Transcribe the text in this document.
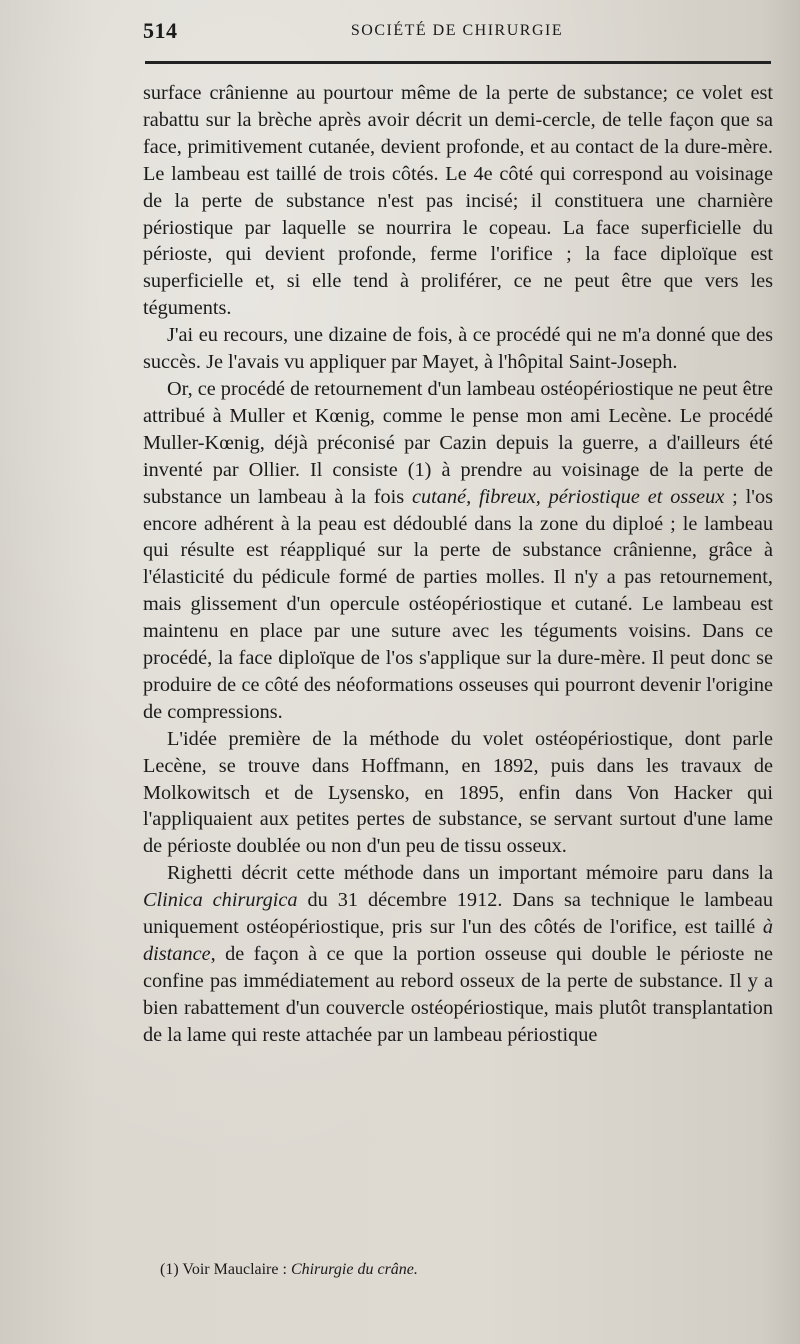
514	SOCIÉTÉ DE CHIRURGIE

surface crânienne au pourtour même de la perte de substance; ce volet est rabattu sur la brèche après avoir décrit un demi-cercle, de telle façon que sa face, primitivement cutanée, devient profonde, et au contact de la dure-mère. Le lambeau est taillé de trois côtés. Le 4e côté qui correspond au voisinage de la perte de substance n'est pas incisé; il constituera une charnière périostique par laquelle se nourrira le copeau. La face superficielle du périoste, qui devient profonde, ferme l'orifice ; la face diploïque est superficielle et, si elle tend à proliférer, ce ne peut être que vers les téguments.

J'ai eu recours, une dizaine de fois, à ce procédé qui ne m'a donné que des succès. Je l'avais vu appliquer par Mayet, à l'hôpital Saint-Joseph.

Or, ce procédé de retournement d'un lambeau ostéopériostique ne peut être attribué à Muller et Kœnig, comme le pense mon ami Lecène. Le procédé Muller-Kœnig, déjà préconisé par Cazin depuis la guerre, a d'ailleurs été inventé par Ollier. Il consiste (1) à prendre au voisinage de la perte de substance un lambeau à la fois cutané, fibreux, périostique et osseux ; l'os encore adhérent à la peau est dédoublé dans la zone du diploé ; le lambeau qui résulte est réappliqué sur la perte de substance crânienne, grâce à l'élasticité du pédicule formé de parties molles. Il n'y a pas retournement, mais glissement d'un opercule ostéopériostique et cutané. Le lambeau est maintenu en place par une suture avec les téguments voisins. Dans ce procédé, la face diploïque de l'os s'applique sur la dure-mère. Il peut donc se produire de ce côté des néoformations osseuses qui pourront devenir l'origine de compressions.

L'idée première de la méthode du volet ostéopériostique, dont parle Lecène, se trouve dans Hoffmann, en 1892, puis dans les travaux de Molkowitsch et de Lysensko, en 1895, enfin dans Von Hacker qui l'appliquaient aux petites pertes de substance, se servant surtout d'une lame de périoste doublée ou non d'un peu de tissu osseux.

Righetti décrit cette méthode dans un important mémoire paru dans la Clinica chirurgica du 31 décembre 1912. Dans sa technique le lambeau uniquement ostéopériostique, pris sur l'un des côtés de l'orifice, est taillé à distance, de façon à ce que la portion osseuse qui double le périoste ne confine pas immédiatement au rebord osseux de la perte de substance. Il y a bien rabattement d'un couvercle ostéopériostique, mais plutôt transplantation de la lame qui reste attachée par un lambeau périostique

(1) Voir Mauclaire : Chirurgie du crâne.
